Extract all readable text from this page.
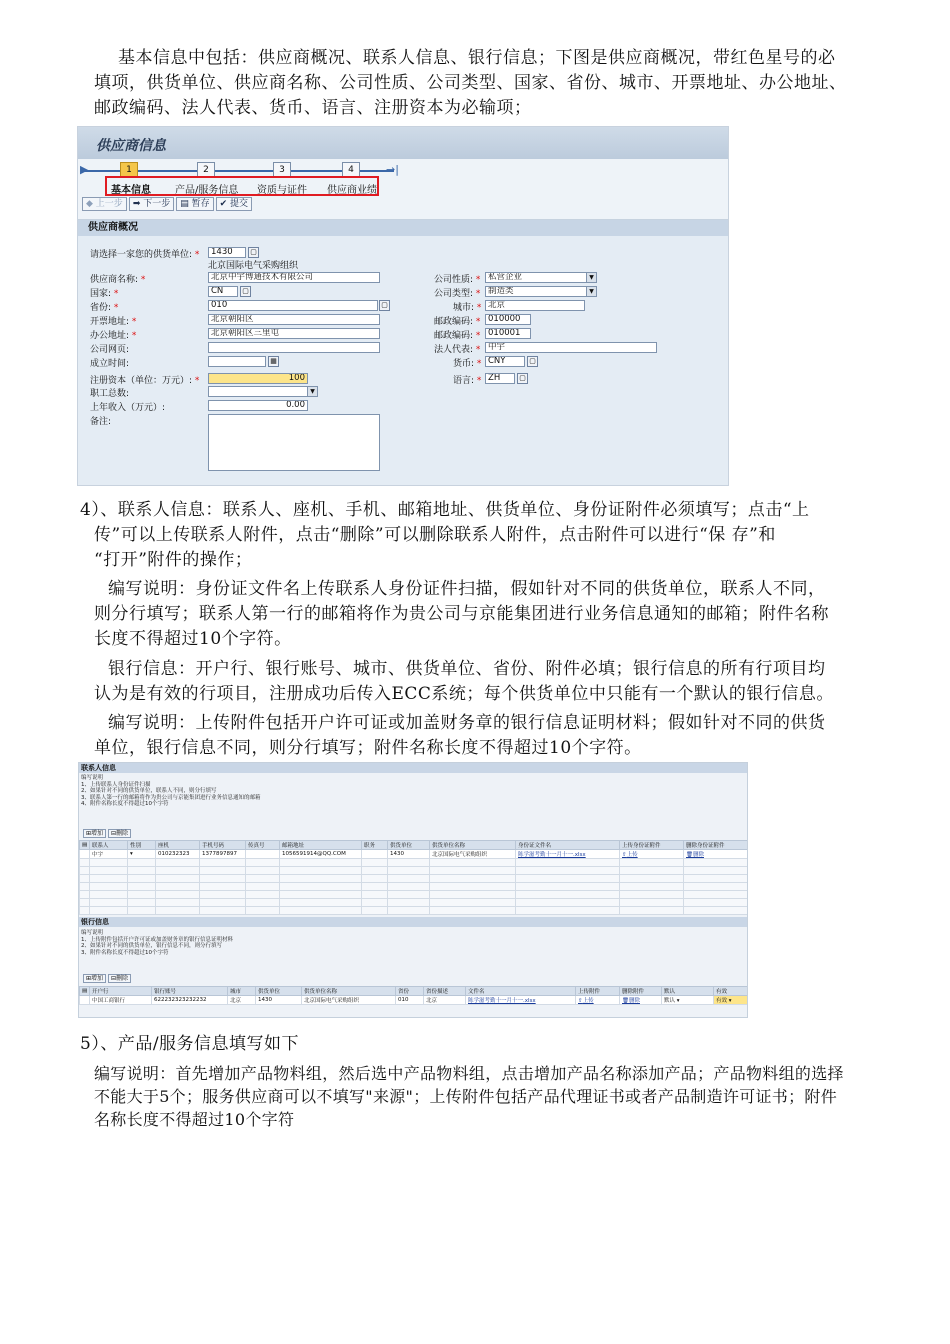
基本信息中包括：供应商概况、联系人信息、银行信息；下图是供应商概况，带红色星号的必
填项，供货单位、供应商名称、公司性质、公司类型、国家、省份、城市、开票地址、办公地址、
邮政编码、法人代表、货币、语言、注册资本为必输项；
供应商信息
▶	→|
1	2	3	4
基本信息 产品/服务信息 资质与证件 供应商业绩
◆ 上一步	➡ 下一步	▤ 暂存	✔ 提交
供应商概况
请选择一家您的供货单位: *	1430	▢
北京国际电气采购组织
供应商名称: *	北京中宇博通技术有限公司
国家: *	CN	▢
省份: *	010	▢
开票地址: *	北京朝阳区
办公地址: *	北京朝阳区三里屯
公司网页:
成立时间:	▦
注册资本（单位：万元）: *	100
职工总数:	▼
上年收入（万元）:	0.00
备注:
公司性质: * 私营企业	▼
公司类型: * 制造类	▼
城市: * 北京
邮政编码: * 010000
邮政编码: * 010001
法人代表: * 中宇
货币: * CNY	▢
语言: * ZH	▢
4）、联系人信息：联系人、座机、手机、邮箱地址、供货单位、身份证附件必须填写；点击“上
传”可以上传联系人附件，点击“删除”可以删除联系人附件，点击附件可以进行“保 存”和
“打开”附件的操作；
编写说明：身份证文件名上传联系人身份证件扫描，假如针对不同的供货单位，联系人不同，
则分行填写；联系人第一行的邮箱将作为贵公司与京能集团进行业务信息通知的邮箱；附件名称
长度不得超过10个字符。
银行信息：开户行、银行账号、城市、供货单位、省份、附件必填；银行信息的所有行项目均
认为是有效的行项目，注册成功后传入ECC系统；每个供货单位中只能有一个默认的银行信息。
编写说明：上传附件包括开户许可证或加盖财务章的银行信息证明材料；假如针对不同的供货
单位，银行信息不同，则分行填写；附件名称长度不得超过10个字符。
联系人信息
编写说明
1、上传联系人身份证件扫描
2、如果针对不同的供货单位，联系人不同，则分行填写
3、联系人第一行的邮箱将作为贵公司与京能集团进行业务信息通知的邮箱
4、附件名称长度不得超过10个字符
⊞增加	⊟删除
▤	联系人	性别	座机	手机号码	传真号	邮箱地址	职务	供货单位	供货单位名称	身份证文件名	上传身份证附件	删除身份证附件
	中宇	▾	010232323	1377897897		1056591914@QQ.COM		1430	北京国际电气采购组织	陈学滋考勤十一月十一.xlsx	⇧上传	🗑删除

银行信息
编写说明
1、上传附件包括开户许可证或加盖财务章的银行信息证明材料
2、如果针对不同的供货单位，银行信息不同，则分行填写
3、附件名称长度不得超过10个字符
⊞增加	⊟删除
▤	开户行	银行账号	城市	供货单位	供货单位名称	省份	省份描述	文件名	上传附件	删除附件	默认	有效
	中国工商银行	622232323232232	北京	1430	北京国际电气采购组织	010	北京	陈学滋考勤十一月十一.xlsx	⇧上传	🗑删除	默认 ▾	有效 ▾
5）、产品/服务信息填写如下
编写说明：首先增加产品物料组，然后选中产品物料组，点击增加产品名称添加产品；产品物料组的选择
不能大于5个；服务供应商可以不填写"来源"；上传附件包括产品代理证书或者产品制造许可证书；附件
名称长度不得超过10个字符
